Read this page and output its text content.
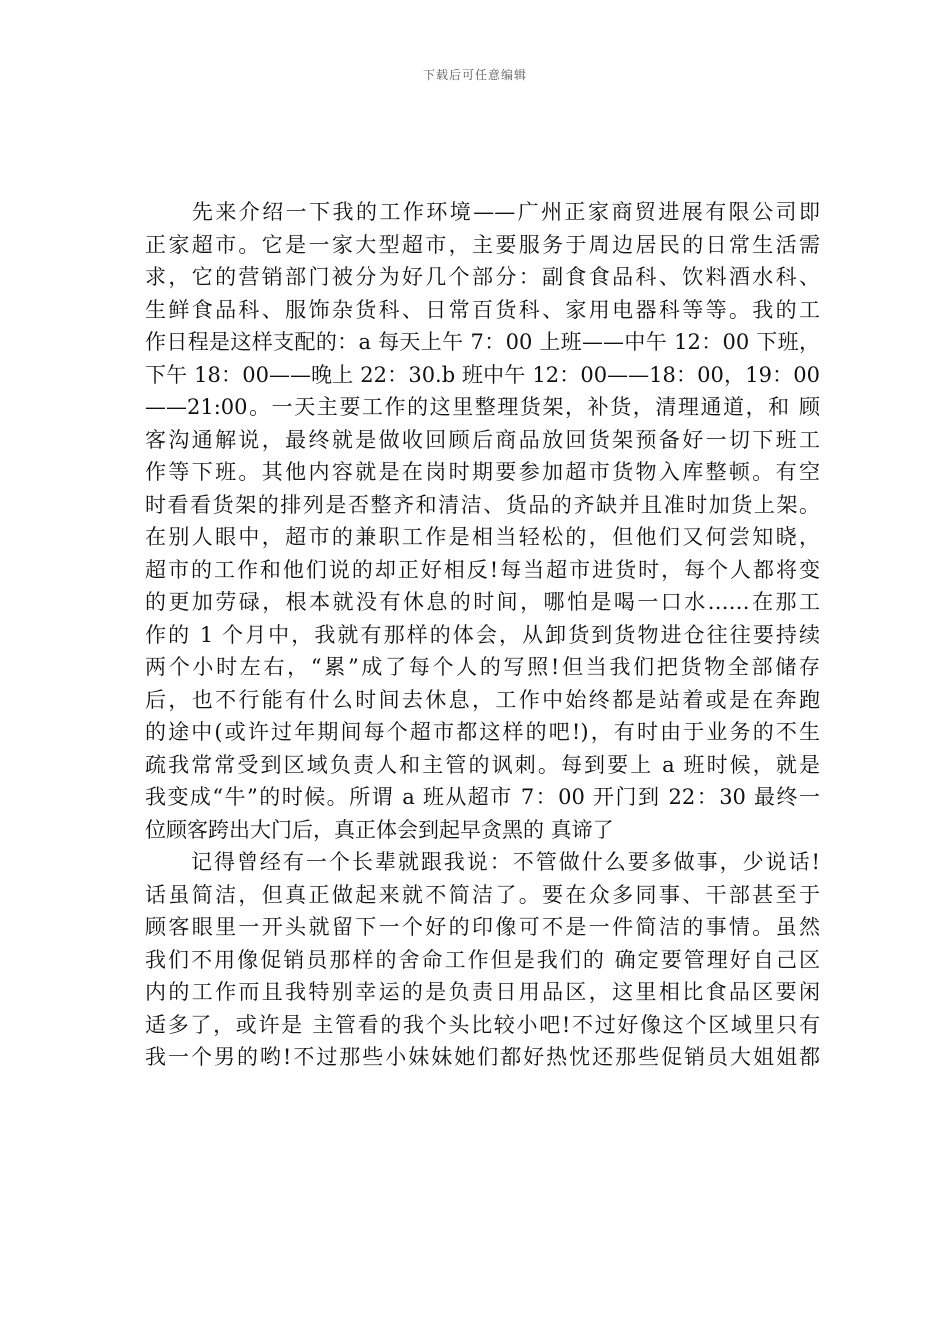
下载后可任意编辑
　　先来介绍一下我的工作环境——广州正家商贸进展有限公司即
正家超市。它是一家大型超市，主要服务于周边居民的日常生活需
求，它的营销部门被分为好几个部分：副食食品科、饮料酒水科、
生鲜食品科、服饰杂货科、日常百货科、家用电器科等等。我的工
作日程是这样支配的：a 每天上午 7：00 上班——中午 12：00 下班，
下午 18：00——晚上 22：30.b 班中午 12：00——18：00，19：00
——21:00。一天主要工作的这里整理货架，补货，清理通道，和 顾
客沟通解说，最终就是做收回顾后商品放回货架预备好一切下班工
作等下班。其他内容就是在岗时期要参加超市货物入库整顿。有空
时看看货架的排列是否整齐和清洁、货品的齐缺并且准时加货上架。
在别人眼中，超市的兼职工作是相当轻松的，但他们又何尝知晓，
超市的工作和他们说的却正好相反!每当超市进货时，每个人都将变
的更加劳碌，根本就没有休息的时间，哪怕是喝一口水……在那工
作的 1 个月中，我就有那样的体会，从卸货到货物进仓往往要持续
两个小时左右，“累”成了每个人的写照!但当我们把货物全部储存
后，也不行能有什么时间去休息，工作中始终都是站着或是在奔跑
的途中(或许过年期间每个超市都这样的吧!)，有时由于业务的不生
疏我常常受到区域负责人和主管的讽刺。每到要上 a 班时候，就是
我变成“牛”的时候。所谓 a 班从超市 7：00 开门到 22：30 最终一
位顾客跨出大门后，真正体会到起早贪黑的 真谛了
　　记得曾经有一个长辈就跟我说：不管做什么要多做事，少说话!
话虽简洁，但真正做起来就不简洁了。要在众多同事、干部甚至于
顾客眼里一开头就留下一个好的印像可不是一件简洁的事情。虽然
我们不用像促销员那样的舍命工作但是我们的 确定要管理好自己区
内的工作而且我特别幸运的是负责日用品区，这里相比食品区要闲
适多了，或许是 主管看的我个头比较小吧!不过好像这个区域里只有
我一个男的哟!不过那些小妹妹她们都好热忱还那些促销员大姐姐都
